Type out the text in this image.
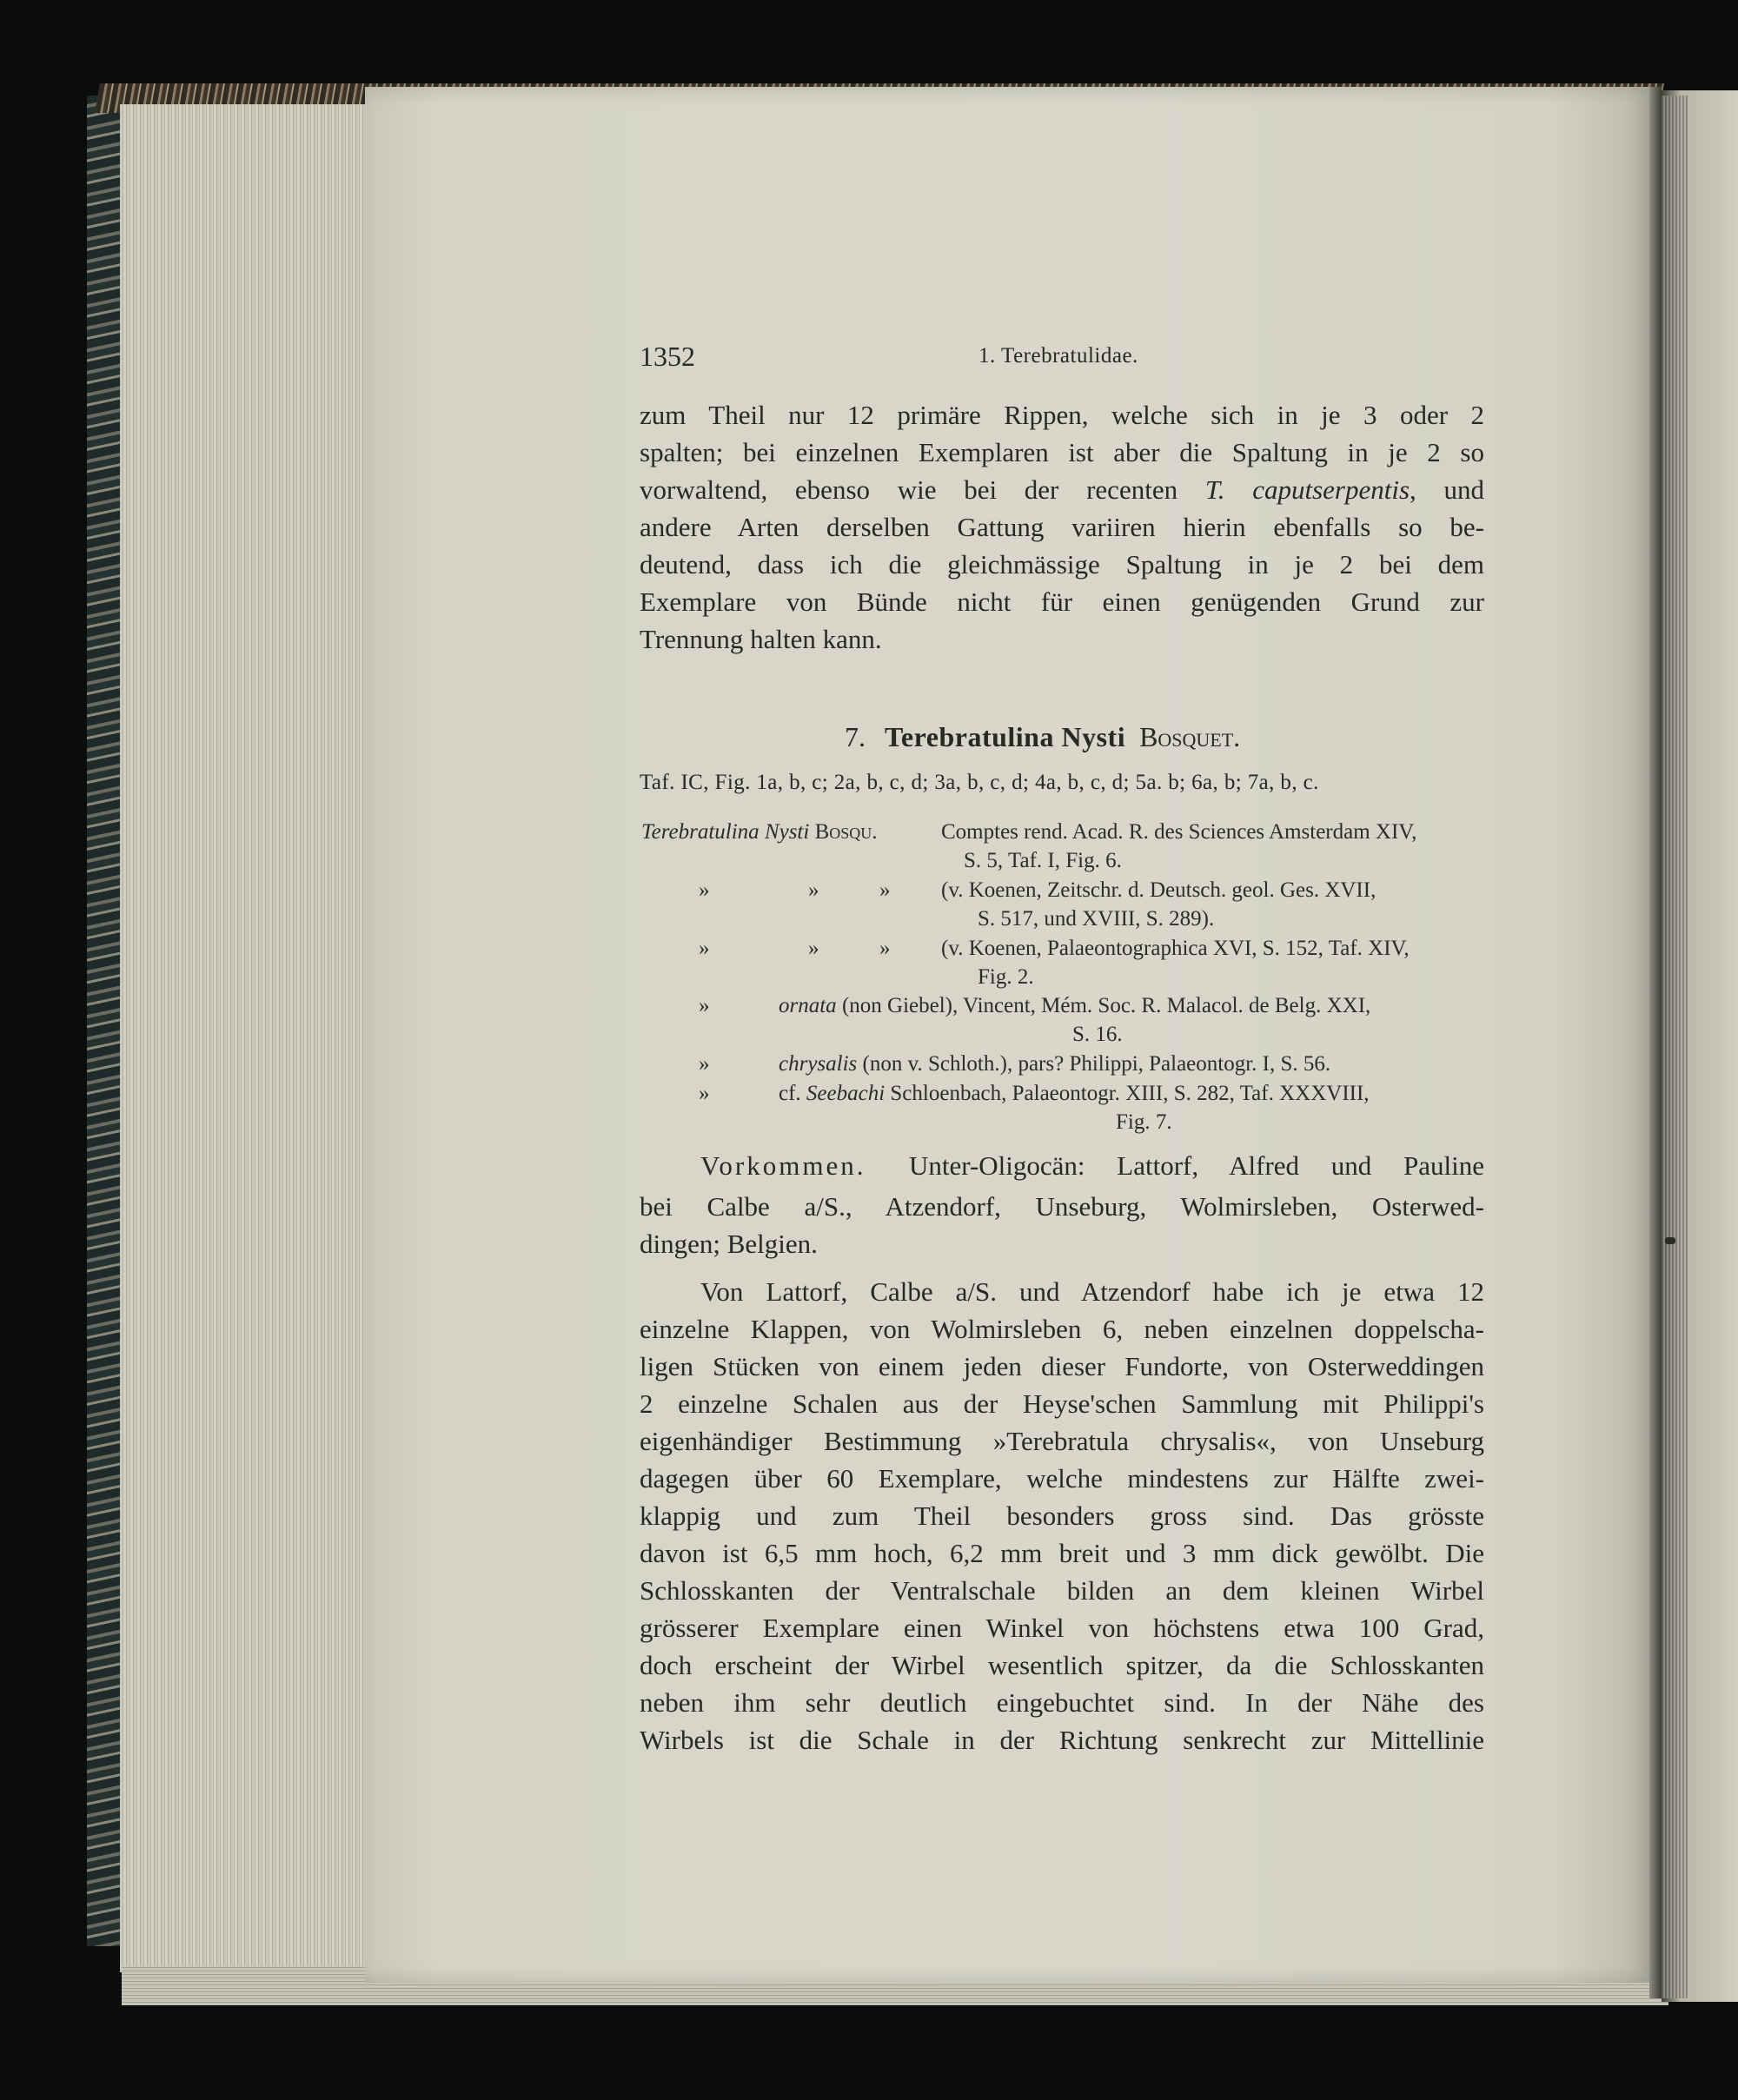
1352	1. Terebratulidae.
zum Theil nur 12 primäre Rippen, welche sich in je 3 oder 2
spalten; bei einzelnen Exemplaren ist aber die Spaltung in je 2 so
vorwaltend, ebenso wie bei der recenten T. caputserpentis, und
andere Arten derselben Gattung variiren hierin ebenfalls so be-
deutend, dass ich die gleichmässige Spaltung in je 2 bei dem
Exemplare von Bünde nicht für einen genügenden Grund zur
Trennung halten kann.
7. Terebratulina Nysti Bosquet.
Taf. IC, Fig. 1a, b, c; 2a, b, c, d; 3a, b, c, d; 4a, b, c, d; 5a. b; 6a, b; 7a, b, c.
Terebratulina Nysti Bosqu.	Comptes rend. Acad. R. des Sciences Amsterdam XIV,
S. 5, Taf. I, Fig. 6.
»	»	» (v. Koenen, Zeitschr. d. Deutsch. geol. Ges. XVII,
S. 517, und XVIII, S. 289).
»	»	» (v. Koenen, Palaeontographica XVI, S. 152, Taf. XIV,
Fig. 2.
»	ornata (non Giebel), Vincent, Mém. Soc. R. Malacol. de Belg. XXI,
S. 16.
»	chrysalis (non v. Schloth.), pars? Philippi, Palaeontogr. I, S. 56.
»	cf. Seebachi Schloenbach, Palaeontogr. XIII, S. 282, Taf. XXXVIII,
Fig. 7.
Vorkommen. Unter-Oligocän: Lattorf, Alfred und Pauline
bei Calbe a/S., Atzendorf, Unseburg, Wolmirsleben, Osterwed-
dingen; Belgien.
Von Lattorf, Calbe a/S. und Atzendorf habe ich je etwa 12
einzelne Klappen, von Wolmirsleben 6, neben einzelnen doppelscha-
ligen Stücken von einem jeden dieser Fundorte, von Osterweddingen
2 einzelne Schalen aus der Heyse'schen Sammlung mit Philippi's
eigenhändiger Bestimmung »Terebratula chrysalis«, von Unseburg
dagegen über 60 Exemplare, welche mindestens zur Hälfte zwei-
klappig und zum Theil besonders gross sind. Das grösste
davon ist 6,5 mm hoch, 6,2 mm breit und 3 mm dick gewölbt. Die
Schlosskanten der Ventralschale bilden an dem kleinen Wirbel
grösserer Exemplare einen Winkel von höchstens etwa 100 Grad,
doch erscheint der Wirbel wesentlich spitzer, da die Schlosskanten
neben ihm sehr deutlich eingebuchtet sind. In der Nähe des
Wirbels ist die Schale in der Richtung senkrecht zur Mittellinie
